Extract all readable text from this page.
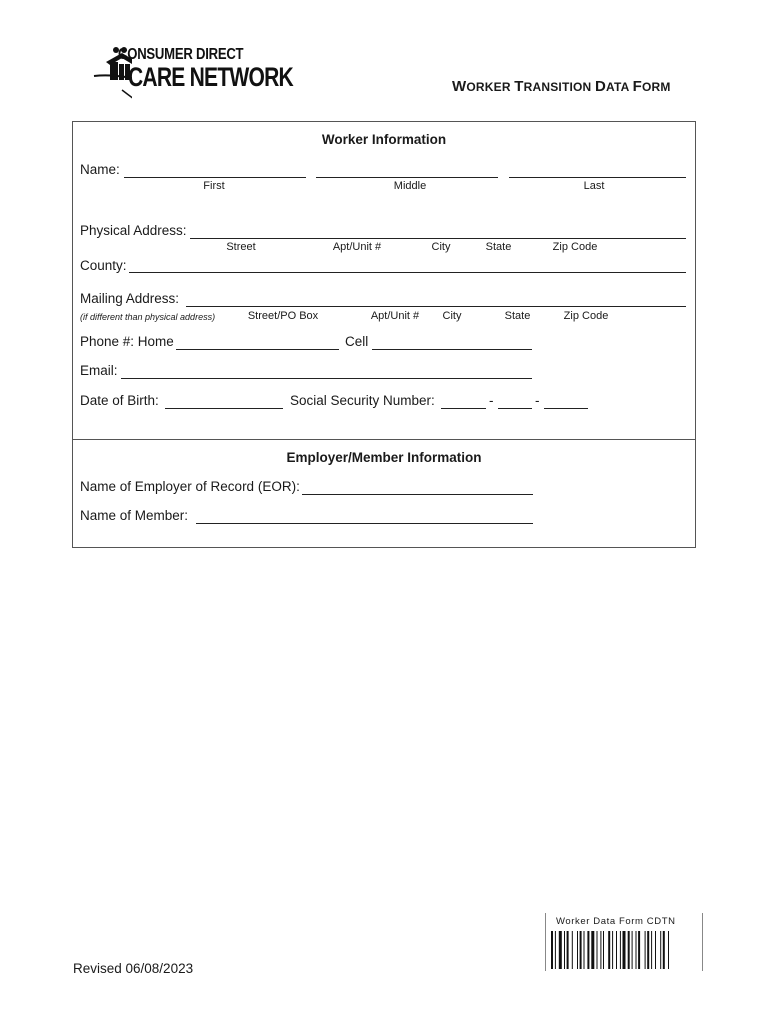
CONSUMER DIRECT
CARE NETWORK	WORKER TRANSITION DATA FORM
Worker Information
Name:
First	Middle	Last
Physical Address:
Street	Apt/Unit #	City	State	Zip Code
County:
Mailing Address:
(if different than physical address)	Street/PO Box	Apt/Unit #	City	State	Zip Code
Phone #: Home	Cell
Email:
Date of Birth:	Social Security Number:	-	-
Employer/Member Information
Name of Employer of Record (EOR):
Name of Member:
Revised 06/08/2023
Worker Data Form CDTN
